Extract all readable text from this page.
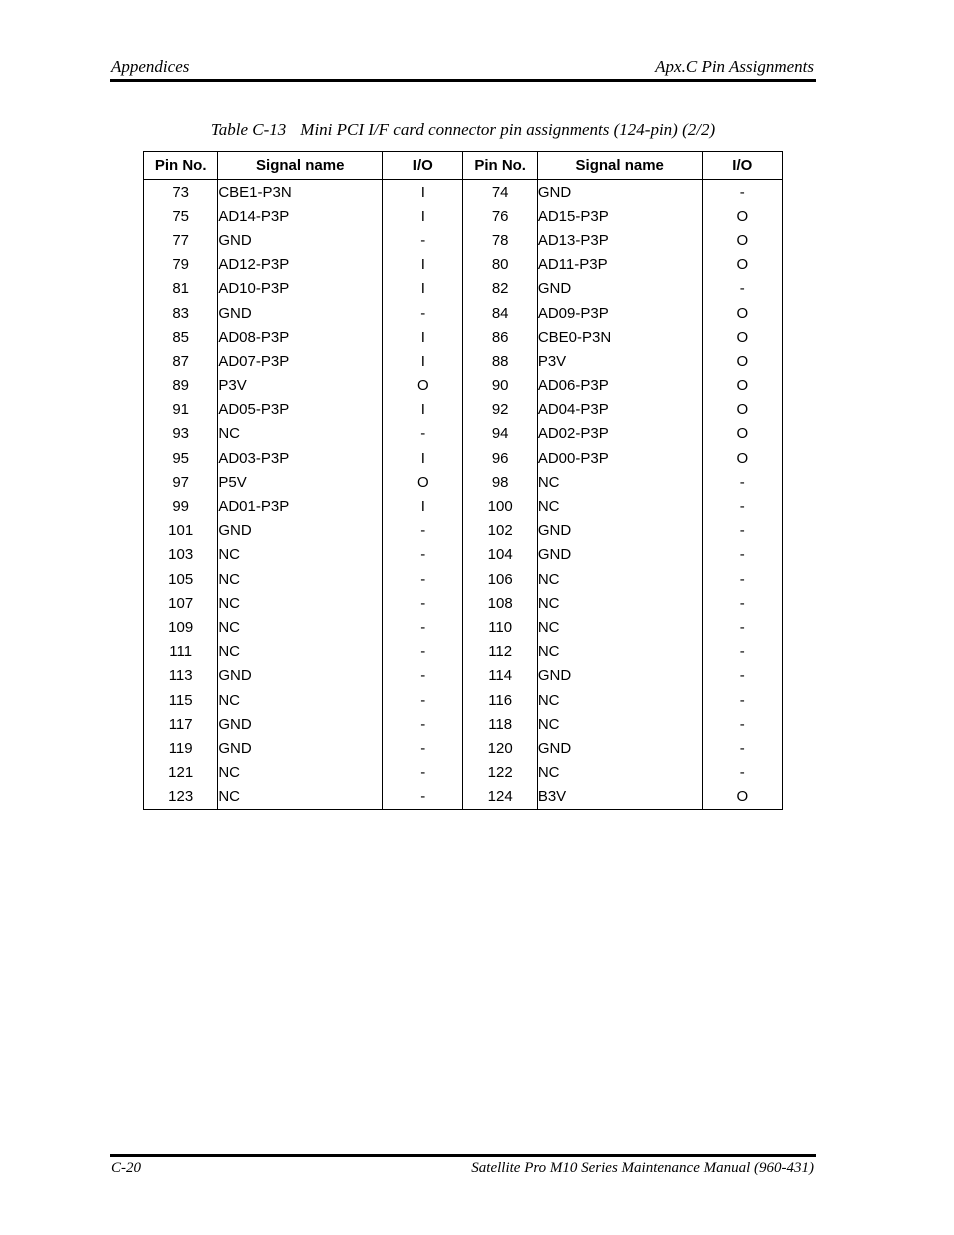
Appendices	Apx.C Pin Assignments
Table C-13 Mini PCI I/F card connector pin assignments (124-pin) (2/2)
Pin No.	Signal name	I/O	Pin No.	Signal name	I/O
73	CBE1-P3N	I	74	GND	-
75	AD14-P3P	I	76	AD15-P3P	O
77	GND	-	78	AD13-P3P	O
79	AD12-P3P	I	80	AD11-P3P	O
81	AD10-P3P	I	82	GND	-
83	GND	-	84	AD09-P3P	O
85	AD08-P3P	I	86	CBE0-P3N	O
87	AD07-P3P	I	88	P3V	O
89	P3V	O	90	AD06-P3P	O
91	AD05-P3P	I	92	AD04-P3P	O
93	NC	-	94	AD02-P3P	O
95	AD03-P3P	I	96	AD00-P3P	O
97	P5V	O	98	NC	-
99	AD01-P3P	I	100	NC	-
101	GND	-	102	GND	-
103	NC	-	104	GND	-
105	NC	-	106	NC	-
107	NC	-	108	NC	-
109	NC	-	110	NC	-
111	NC	-	112	NC	-
113	GND	-	114	GND	-
115	NC	-	116	NC	-
117	GND	-	118	NC	-
119	GND	-	120	GND	-
121	NC	-	122	NC	-
123	NC	-	124	B3V	O
C-20	Satellite Pro M10 Series Maintenance Manual (960-431)
